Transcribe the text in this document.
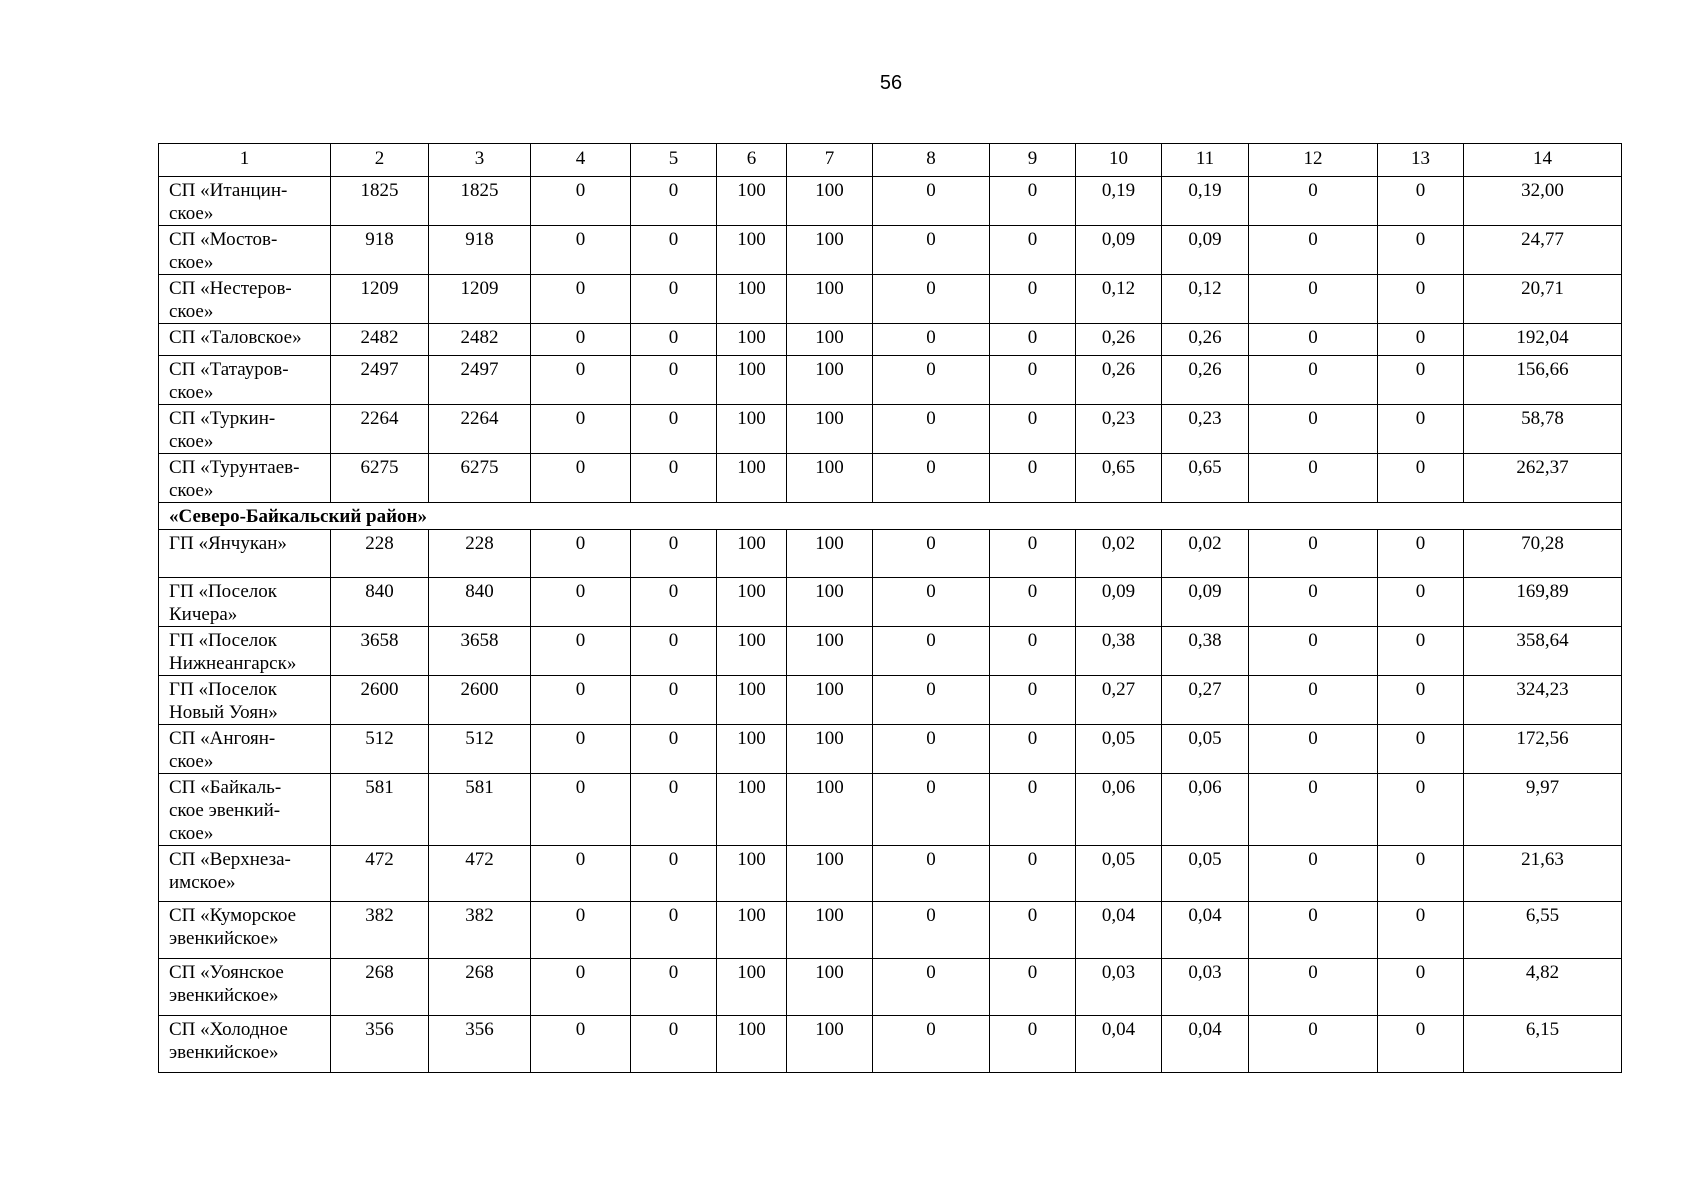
56
1	2	3	4	5	6	7	8	9	10	11	12	13	14
СП «Итанцин-
ское»	1825	1825	0	0	100	100	0	0	0,19	0,19	0	0	32,00
СП «Мостов-
ское»	918	918	0	0	100	100	0	0	0,09	0,09	0	0	24,77
СП «Нестеров-
ское»	1209	1209	0	0	100	100	0	0	0,12	0,12	0	0	20,71
СП «Таловское»	2482	2482	0	0	100	100	0	0	0,26	0,26	0	0	192,04
СП «Татауров-
ское»	2497	2497	0	0	100	100	0	0	0,26	0,26	0	0	156,66
СП «Туркин-
ское»	2264	2264	0	0	100	100	0	0	0,23	0,23	0	0	58,78
СП «Турунтаев-
ское»	6275	6275	0	0	100	100	0	0	0,65	0,65	0	0	262,37
«Северо-Байкальский район»													
ГП «Янчукан»	228	228	0	0	100	100	0	0	0,02	0,02	0	0	70,28
ГП «Поселок
Кичера»	840	840	0	0	100	100	0	0	0,09	0,09	0	0	169,89
ГП «Поселок
Нижнеангарск»	3658	3658	0	0	100	100	0	0	0,38	0,38	0	0	358,64
ГП «Поселок
Новый Уоян»	2600	2600	0	0	100	100	0	0	0,27	0,27	0	0	324,23
СП «Ангоян-
ское»	512	512	0	0	100	100	0	0	0,05	0,05	0	0	172,56
СП «Байкаль-
ское эвенкий-
ское»	581	581	0	0	100	100	0	0	0,06	0,06	0	0	9,97
СП «Верхнеза-
имское»	472	472	0	0	100	100	0	0	0,05	0,05	0	0	21,63
СП «Куморское
эвенкийское»	382	382	0	0	100	100	0	0	0,04	0,04	0	0	6,55
СП «Уоянское
эвенкийское»	268	268	0	0	100	100	0	0	0,03	0,03	0	0	4,82
СП «Холодное
эвенкийское»	356	356	0	0	100	100	0	0	0,04	0,04	0	0	6,15
